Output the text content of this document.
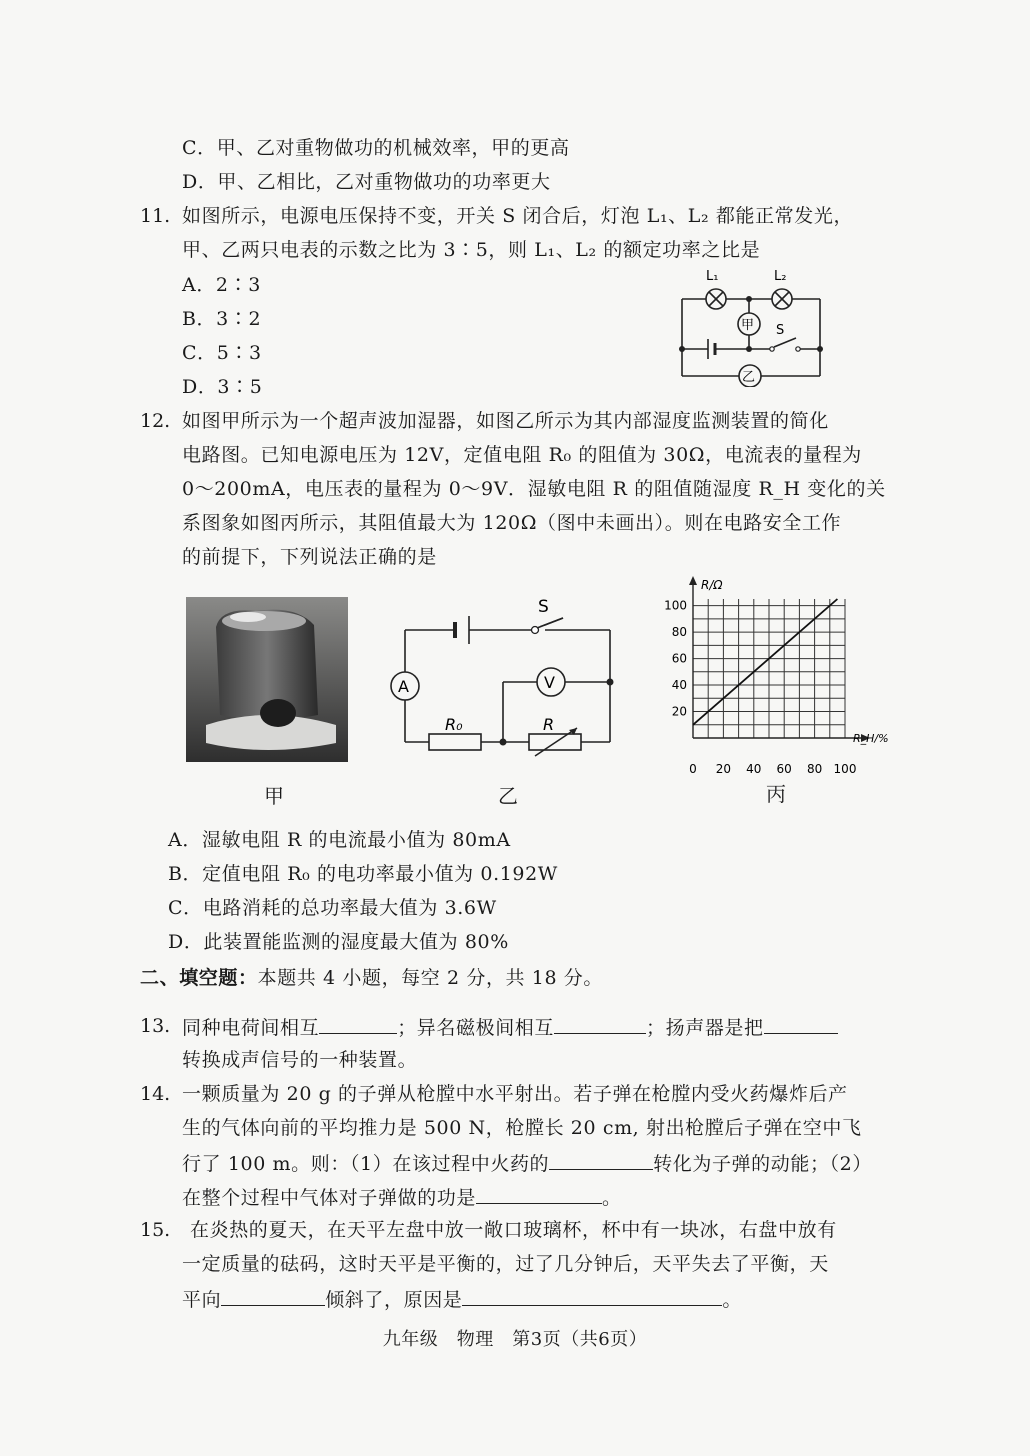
C．甲、乙对重物做功的机械效率，甲的更高
D．甲、乙相比，乙对重物做功的功率更大
11. 如图所示，电源电压保持不变，开关 S 闭合后，灯泡 L₁、L₂ 都能正常发光，
甲、乙两只电表的示数之比为 3∶5，则 L₁、L₂ 的额定功率之比是
A．2∶3
B．3∶2
C．5∶3
D．3∶5
L₁	L₂
甲
乙
S
12. 如图甲所示为一个超声波加湿器，如图乙所示为其内部湿度监测装置的简化
电路图。已知电源电压为 12V，定值电阻 R₀ 的阻值为 30Ω，电流表的量程为
0～200mA，电压表的量程为 0～9V．湿敏电阻 R 的阻值随湿度 R_H 变化的关
系图象如图丙所示，其阻值最大为 120Ω（图中未画出）。则在电路安全工作
的前提下，下列说法正确的是
甲
S
A	V
R₀	R
乙
0 20 40 60 80 100
20
40
60
80
100
R/Ω
R_H/%
丙
A．湿敏电阻 R 的电流最小值为 80mA
B．定值电阻 R₀ 的电功率最小值为 0.192W
C．电路消耗的总功率最大值为 3.6W
D．此装置能监测的湿度最大值为 80%
二、填空题：本题共 4 小题，每空 2 分，共 18 分。
13. 同种电荷间相互	；异名磁极间相互	；扬声器是把
转换成声信号的一种装置。
14. 一颗质量为 20 g 的子弹从枪膛中水平射出。若子弹在枪膛内受火药爆炸后产
生的气体向前的平均推力是 500 N，枪膛长 20 cm, 射出枪膛后子弹在空中飞
行了 100 m。则：（1）在该过程中火药的	转化为子弹的动能；（2）
在整个过程中气体对子弹做的功是	。
15. 在炎热的夏天，在天平左盘中放一敞口玻璃杯，杯中有一块冰，右盘中放有
一定质量的砝码，这时天平是平衡的，过了几分钟后，天平失去了平衡，天
平向	倾斜了，原因是	。
九年级　物理　第3页（共6页）
